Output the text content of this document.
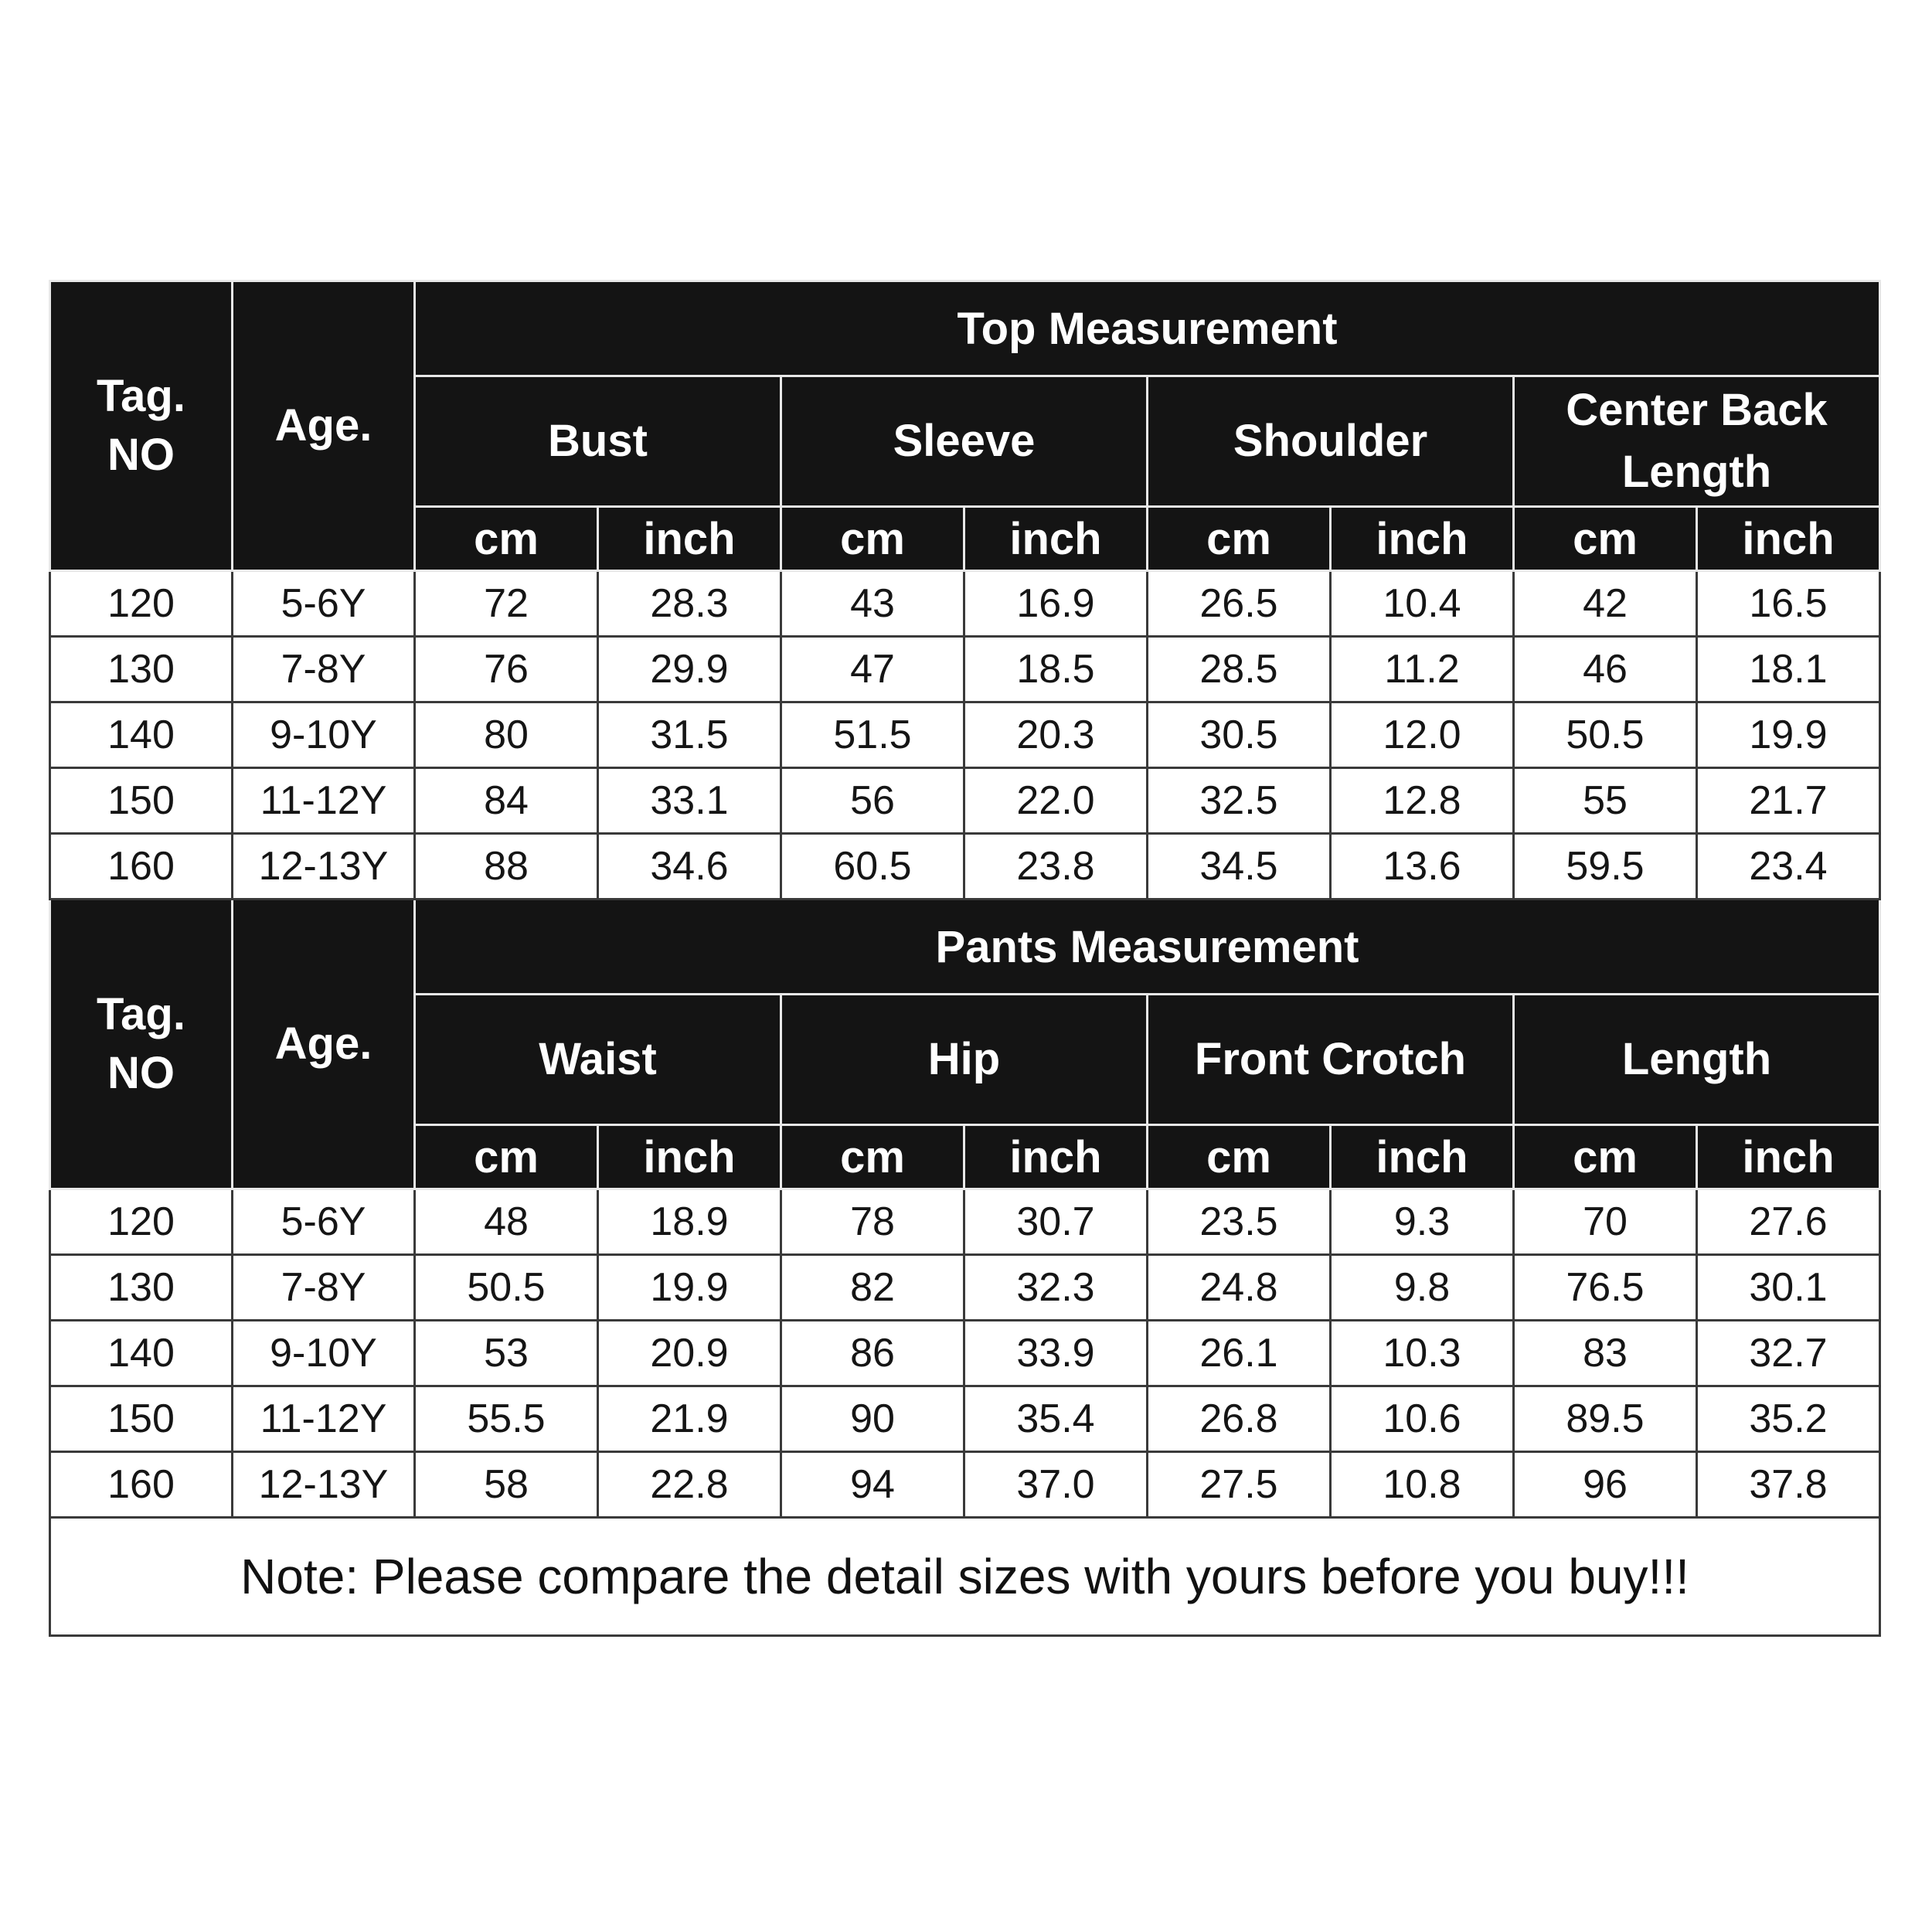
Tag.
NO	Age.	Top Measurement							
		Bust		Sleeve		Shoulder		Center Back
Length	
		cm	inch	cm	inch	cm	inch	cm	inch
120	5-6Y	72	28.3	43	16.9	26.5	10.4	42	16.5
130	7-8Y	76	29.9	47	18.5	28.5	11.2	46	18.1
140	9-10Y	80	31.5	51.5	20.3	30.5	12.0	50.5	19.9
150	11-12Y	84	33.1	56	22.0	32.5	12.8	55	21.7
160	12-13Y	88	34.6	60.5	23.8	34.5	13.6	59.5	23.4
Tag.
NO	Age.	Pants Measurement							
		Waist		Hip		Front Crotch		Length	
		cm	inch	cm	inch	cm	inch	cm	inch
120	5-6Y	48	18.9	78	30.7	23.5	9.3	70	27.6
130	7-8Y	50.5	19.9	82	32.3	24.8	9.8	76.5	30.1
140	9-10Y	53	20.9	86	33.9	26.1	10.3	83	32.7
150	11-12Y	55.5	21.9	90	35.4	26.8	10.6	89.5	35.2
160	12-13Y	58	22.8	94	37.0	27.5	10.8	96	37.8
Note: Please compare the detail sizes with yours before you buy!!!									
